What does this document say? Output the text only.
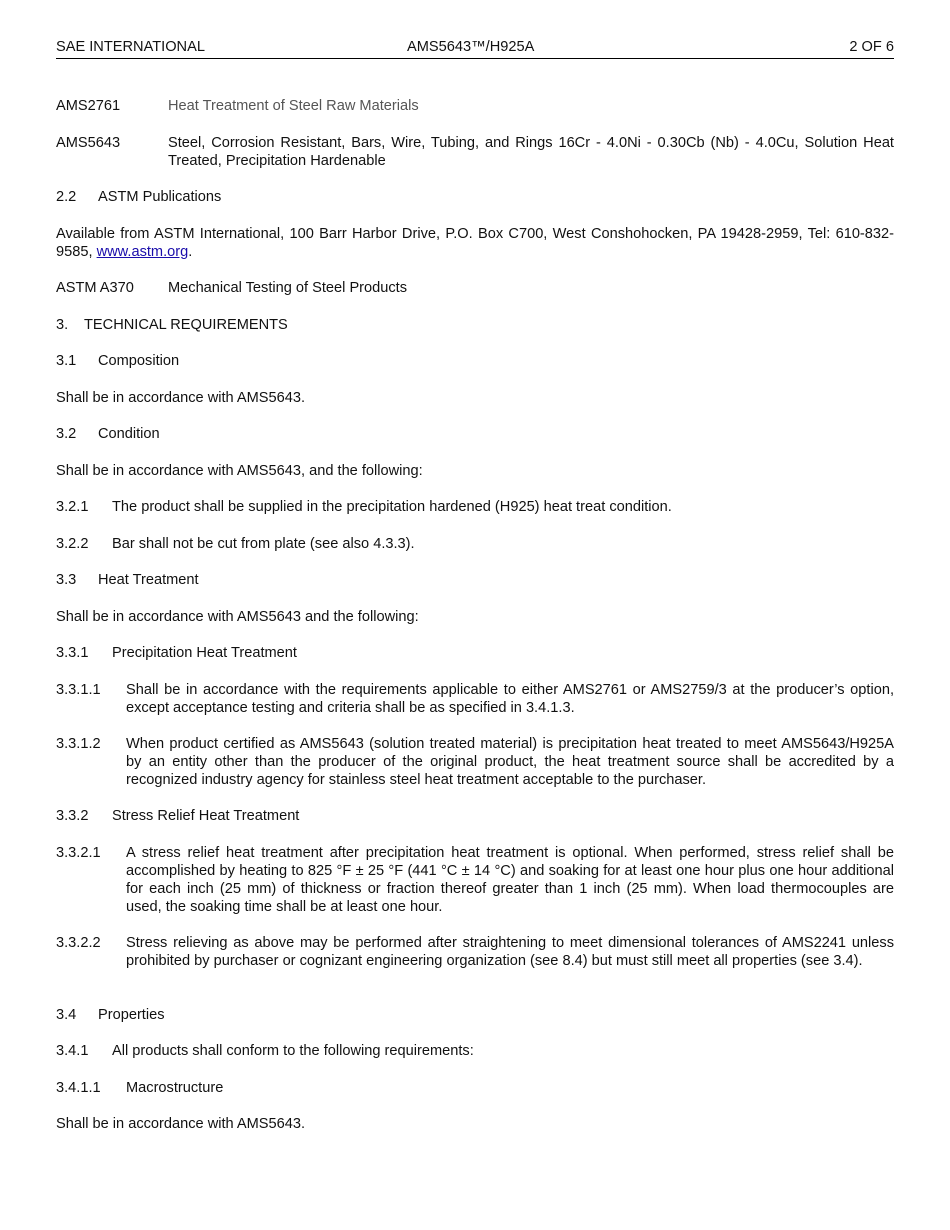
SAE INTERNATIONAL	AMS5643™/H925A	2 OF 6
AMS2761	Heat Treatment of Steel Raw Materials
AMS5643	Steel, Corrosion Resistant, Bars, Wire, Tubing, and Rings 16Cr - 4.0Ni - 0.30Cb (Nb) - 4.0Cu, Solution Heat Treated, Precipitation Hardenable
2.2 ASTM Publications
Available from ASTM International, 100 Barr Harbor Drive, P.O. Box C700, West Conshohocken, PA 19428-2959, Tel: 610-832-9585, www.astm.org.
ASTM A370 Mechanical Testing of Steel Products
3. TECHNICAL REQUIREMENTS
3.1 Composition
Shall be in accordance with AMS5643.
3.2 Condition
Shall be in accordance with AMS5643, and the following:
3.2.1 The product shall be supplied in the precipitation hardened (H925) heat treat condition.
3.2.2 Bar shall not be cut from plate (see also 4.3.3).
3.3 Heat Treatment
Shall be in accordance with AMS5643 and the following:
3.3.1 Precipitation Heat Treatment
3.3.1.1 Shall be in accordance with the requirements applicable to either AMS2761 or AMS2759/3 at the producer’s option, except acceptance testing and criteria shall be as specified in 3.4.1.3.
3.3.1.2 When product certified as AMS5643 (solution treated material) is precipitation heat treated to meet AMS5643/H925A by an entity other than the producer of the original product, the heat treatment source shall be accredited by a recognized industry agency for stainless steel heat treatment acceptable to the purchaser.
3.3.2 Stress Relief Heat Treatment
3.3.2.1 A stress relief heat treatment after precipitation heat treatment is optional. When performed, stress relief shall be accomplished by heating to 825 °F ± 25 °F (441 °C ± 14 °C) and soaking for at least one hour plus one hour additional for each inch (25 mm) of thickness or fraction thereof greater than 1 inch (25 mm). When load thermocouples are used, the soaking time shall be at least one hour.
3.3.2.2 Stress relieving as above may be performed after straightening to meet dimensional tolerances of AMS2241 unless prohibited by purchaser or cognizant engineering organization (see 8.4) but must still meet all properties (see 3.4).
3.4 Properties
3.4.1 All products shall conform to the following requirements:
3.4.1.1 Macrostructure
Shall be in accordance with AMS5643.
